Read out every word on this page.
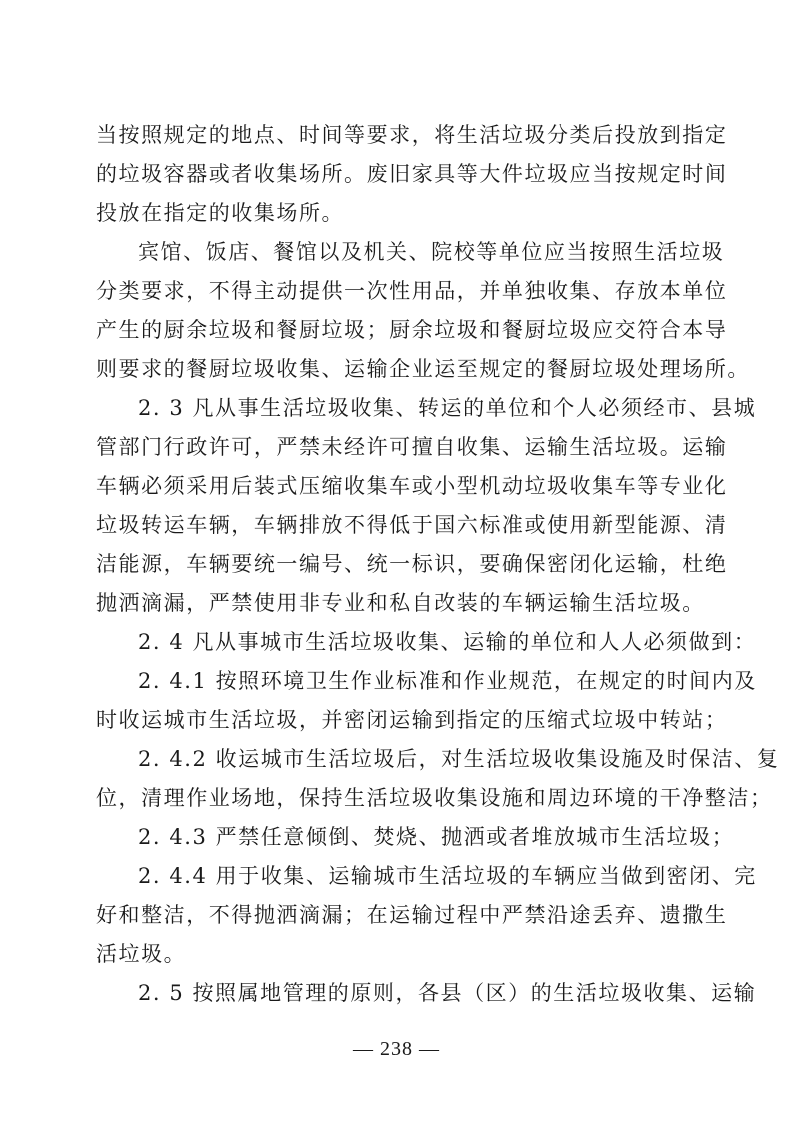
当按照规定的地点、时间等要求，将生活垃圾分类后投放到指定
的垃圾容器或者收集场所。废旧家具等大件垃圾应当按规定时间
投放在指定的收集场所。
宾馆、饭店、餐馆以及机关、院校等单位应当按照生活垃圾
分类要求，不得主动提供一次性用品，并单独收集、存放本单位
产生的厨余垃圾和餐厨垃圾；厨余垃圾和餐厨垃圾应交符合本导
则要求的餐厨垃圾收集、运输企业运至规定的餐厨垃圾处理场所。
2. 3 凡从事生活垃圾收集、转运的单位和个人必须经市、县城
管部门行政许可，严禁未经许可擅自收集、运输生活垃圾。运输
车辆必须采用后装式压缩收集车或小型机动垃圾收集车等专业化
垃圾转运车辆，车辆排放不得低于国六标准或使用新型能源、清
洁能源，车辆要统一编号、统一标识，要确保密闭化运输，杜绝
抛洒滴漏，严禁使用非专业和私自改装的车辆运输生活垃圾。
2. 4 凡从事城市生活垃圾收集、运输的单位和人人必须做到：
2. 4.1 按照环境卫生作业标准和作业规范，在规定的时间内及
时收运城市生活垃圾，并密闭运输到指定的压缩式垃圾中转站；
2. 4.2 收运城市生活垃圾后，对生活垃圾收集设施及时保洁、复
位，清理作业场地，保持生活垃圾收集设施和周边环境的干净整洁；
2. 4.3 严禁任意倾倒、焚烧、抛洒或者堆放城市生活垃圾；
2. 4.4 用于收集、运输城市生活垃圾的车辆应当做到密闭、完
好和整洁，不得抛洒滴漏；在运输过程中严禁沿途丢弃、遗撒生
活垃圾。
2. 5 按照属地管理的原则，各县（区）的生活垃圾收集、运输
— 238 —
